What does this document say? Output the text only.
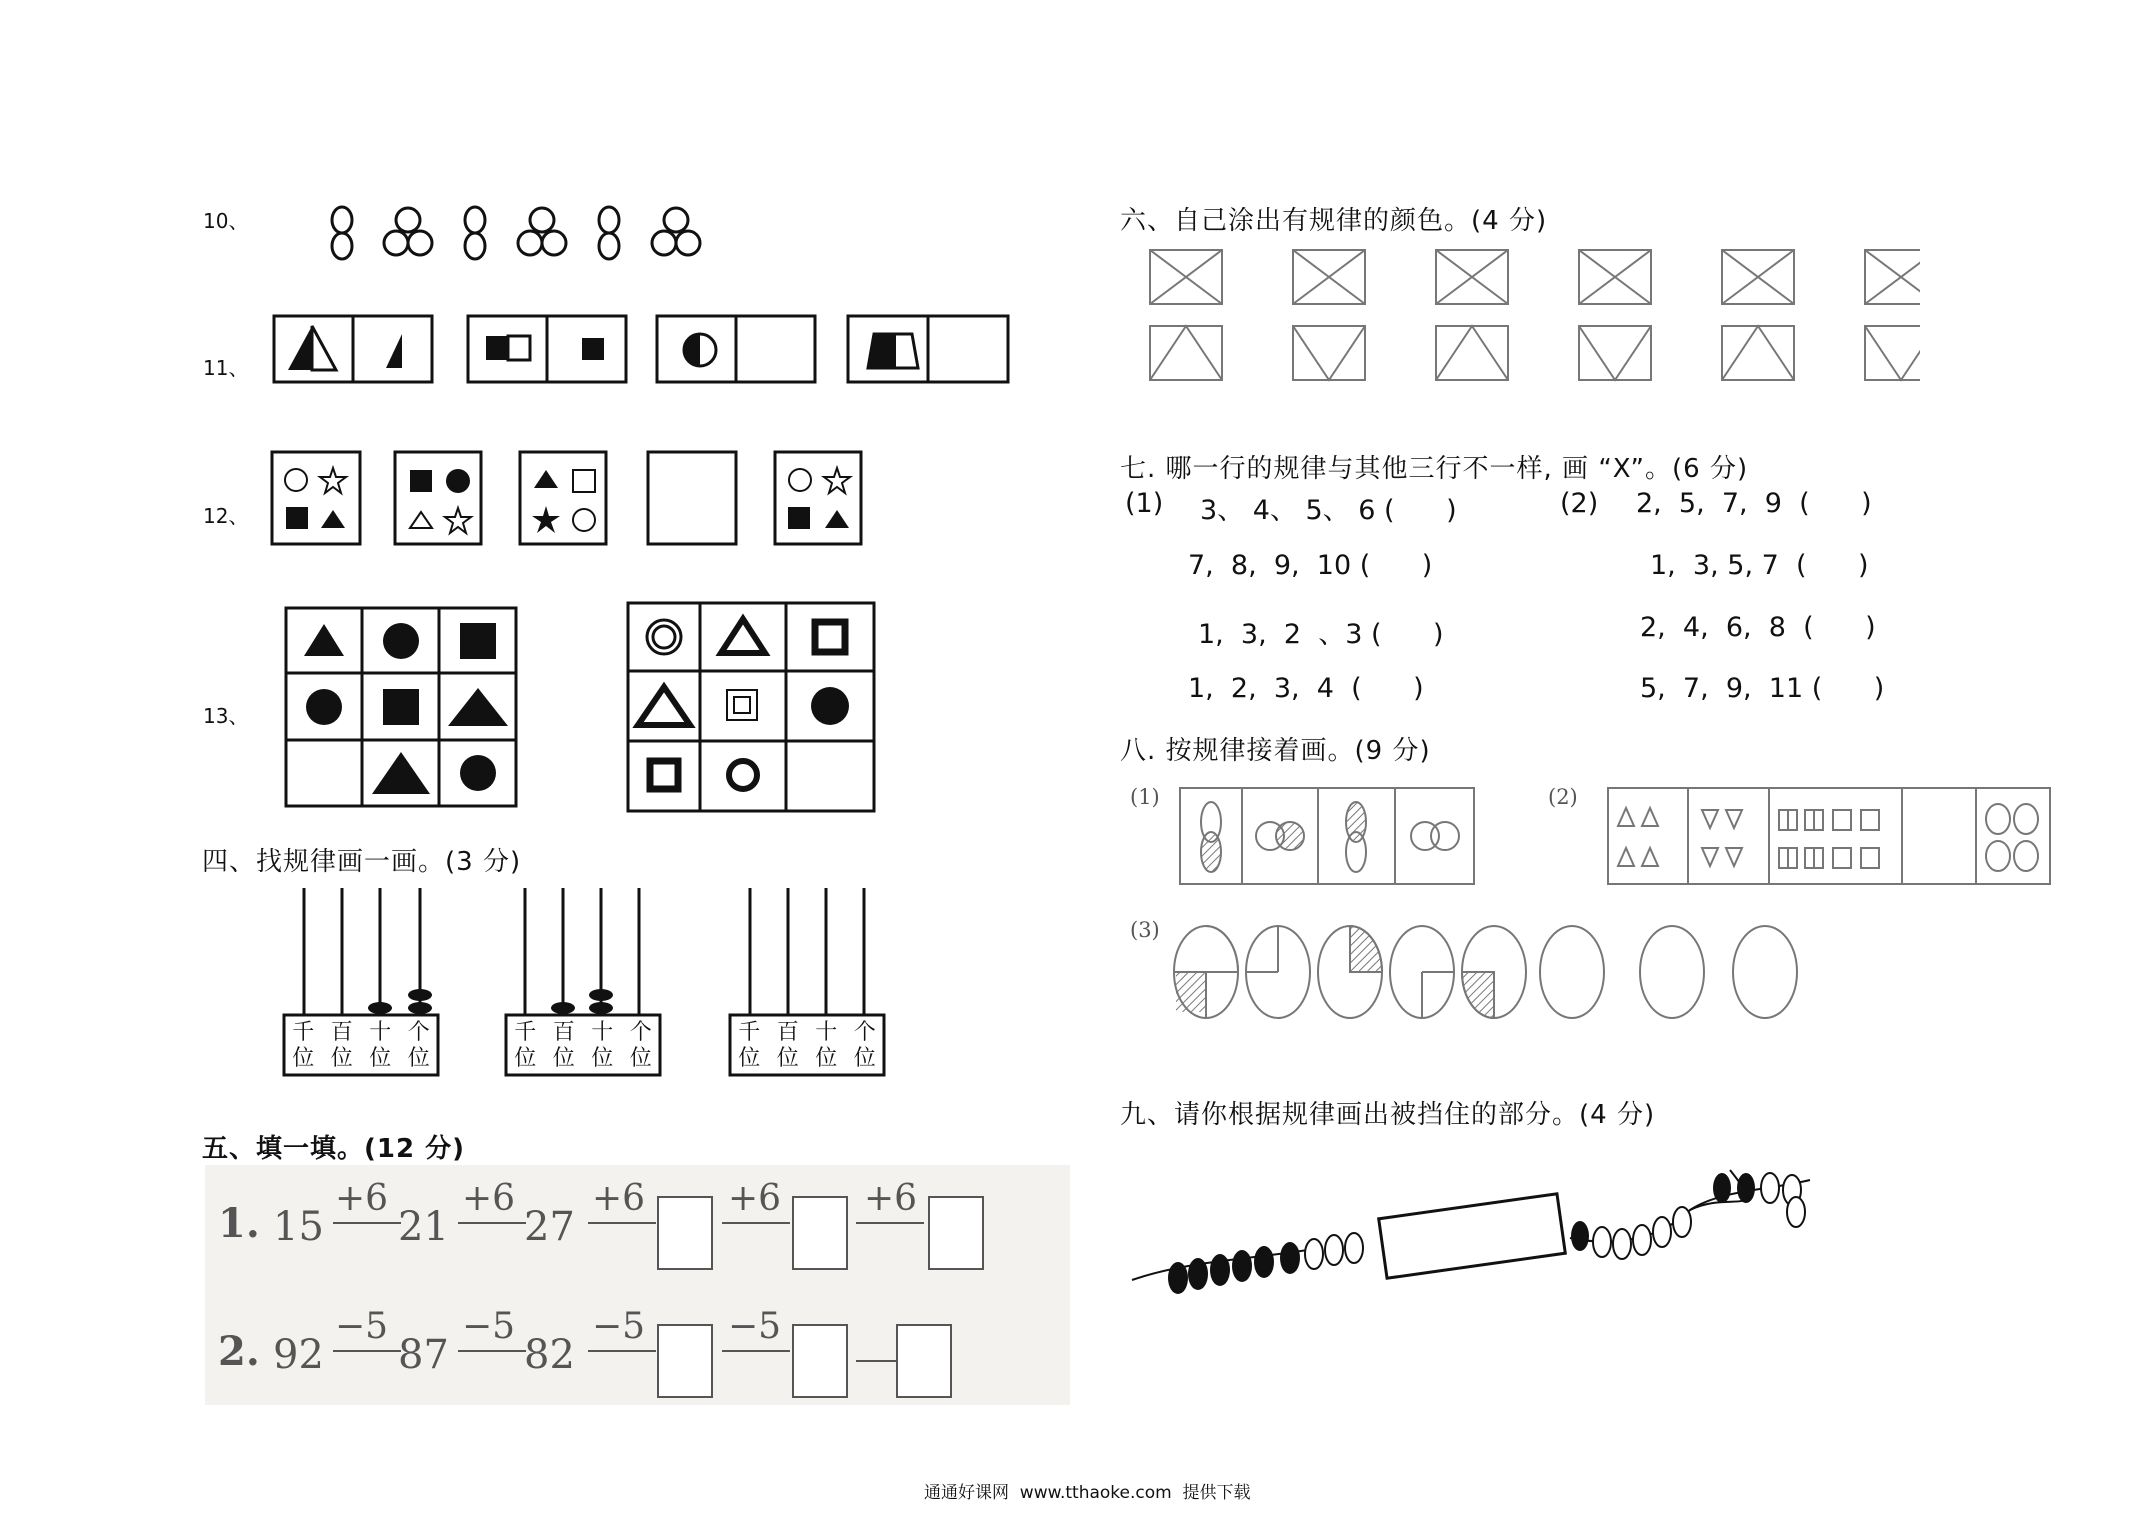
10、
11、
12、
13、
四、找规律画一画。(3 分)
千
位
百
位
十
位
个
位
千
位
百
位
十
位
个
位
千
位
百
位
十
位
个
位
五、填一填。(12 分)
1. 15
+6
21
+6
27
+6 +6 +6
2. 92
−5
87
−5
82
−5 −5
六、自己涂出有规律的颜色。(4 分)
七. 哪一行的规律与其他三行不一样, 画 “X”。(6 分)
(1)	(2)
3、 4、 5、 6 (      )
7,  8,  9,  10 (      )
1,  3,  2  、3 (      )
1,  2,  3,  4  (      )
2,  5,  7,  9  (      )
1,  3, 5, 7  (      )
2,  4,  6,  8  (      )
5,  7,  9,  11 (      )
八. 按规律接着画。(9 分)
(1)	(2)
(3)
九、请你根据规律画出被挡住的部分。(4 分)
通通好课网  www.tthaoke.com  提供下载
